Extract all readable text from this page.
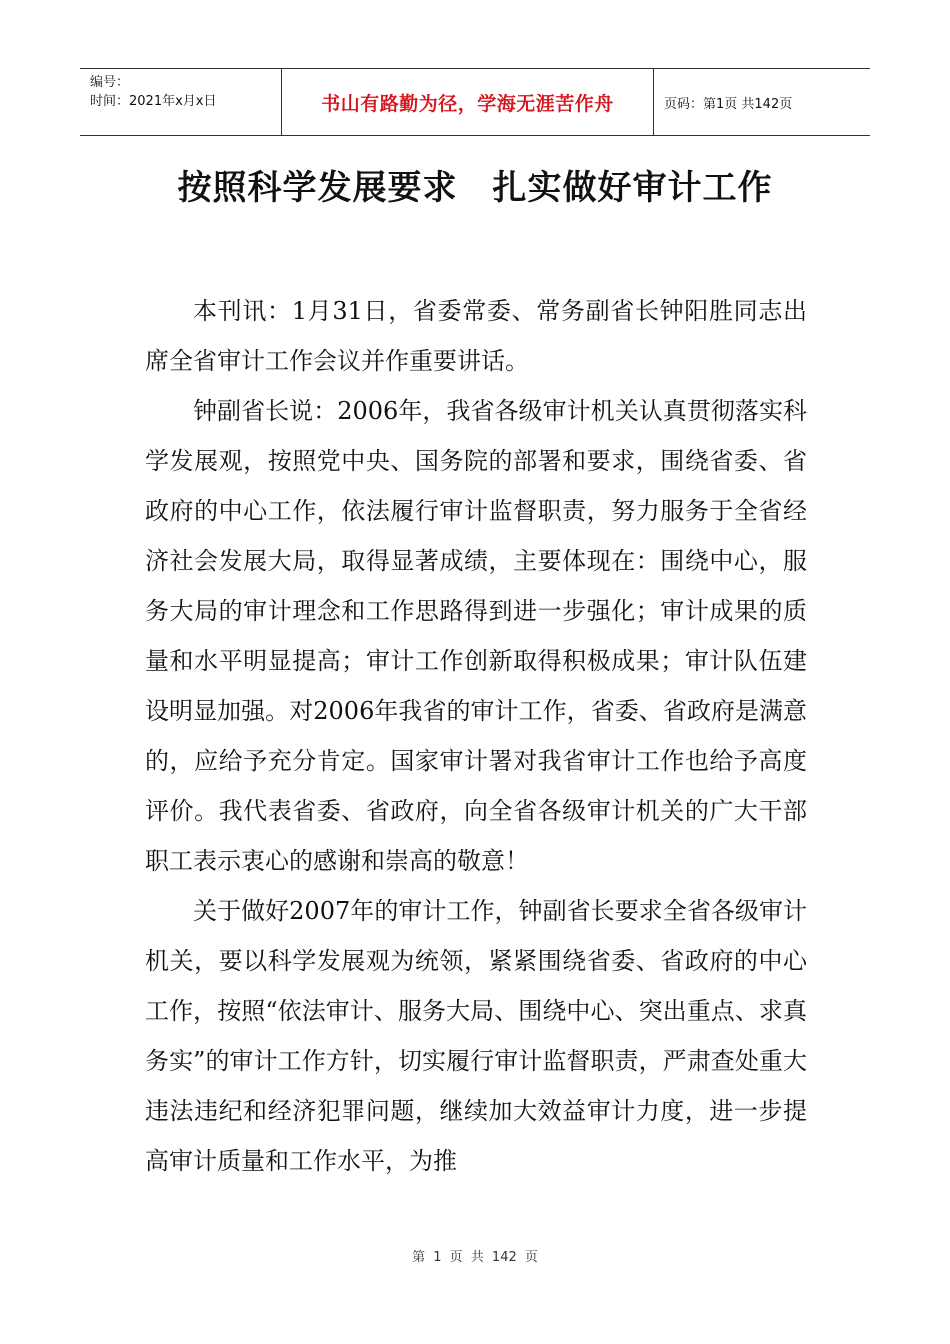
编号：
时间：2021年x月x日	书山有路勤为径，学海无涯苦作舟	页码：第1页 共142页
按照科学发展要求　扎实做好审计工作

本刊讯：1月31日，省委常委、常务副省长钟阳胜同志出席全省审计工作会议并作重要讲话。

钟副省长说：2006年，我省各级审计机关认真贯彻落实科学发展观，按照党中央、国务院的部署和要求，围绕省委、省政府的中心工作，依法履行审计监督职责，努力服务于全省经济社会发展大局，取得显著成绩，主要体现在：围绕中心，服务大局的审计理念和工作思路得到进一步强化；审计成果的质量和水平明显提高；审计工作创新取得积极成果；审计队伍建设明显加强。对2006年我省的审计工作，省委、省政府是满意的，应给予充分肯定。国家审计署对我省审计工作也给予高度评价。我代表省委、省政府，向全省各级审计机关的广大干部职工表示衷心的感谢和崇高的敬意！

关于做好2007年的审计工作，钟副省长要求全省各级审计机关，要以科学发展观为统领，紧紧围绕省委、省政府的中心工作，按照“依法审计、服务大局、围绕中心、突出重点、求真务实”的审计工作方针，切实履行审计监督职责，严肃查处重大违法违纪和经济犯罪问题，继续加大效益审计力度，进一步提高审计质量和工作水平，为推

第 1 页 共 142 页
